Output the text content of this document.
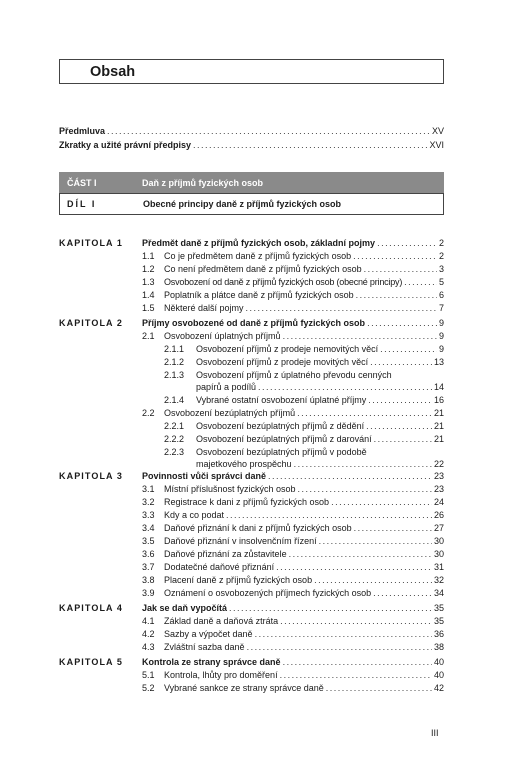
Obsah
Předmluva . . .	XV
Zkratky a užité právní předpisy . . .	XVI
ČÁST I	Daň z příjmů fyzických osob
DÍL I	Obecné principy daně z příjmů fyzických osob
KAPITOLA 1 Předmět daně z příjmů fyzických osob, základní pojmy . . .	2
1.1	Co je předmětem daně z příjmů fyzických osob . . .	2
1.2	Co není předmětem daně z příjmů fyzických osob . . .	3
1.3	Osvobození od daně z příjmů fyzických osob (obecné principy) . . .	5
1.4	Poplatník a plátce daně z příjmů fyzických osob . . .	6
1.5	Některé další pojmy . . .	7
KAPITOLA 2 Příjmy osvobozené od daně z příjmů fyzických osob . . .	9
2.1	Osvobození úplatných příjmů . . .	9
2.1.1	Osvobození příjmů z prodeje nemovitých věcí . . .	9
2.1.2	Osvobození příjmů z prodeje movitých věcí . . .	13
2.1.3	Osvobození příjmů z úplatného převodu cenných
papírů a podílů . . .	14
2.1.4	Vybrané ostatní osvobození úplatné příjmy . . .	16
2.2	Osvobození bezúplatných příjmů . . .	21
2.2.1	Osvobození bezúplatných příjmů z dědění . . .	21
2.2.2	Osvobození bezúplatných příjmů z darování . . .	21
2.2.3	Osvobození bezúplatných příjmů v podobě
majetkového prospěchu . . .	22
KAPITOLA 3 Povinnosti vůči správci daně . . .	23
3.1	Místní příslušnost fyzických osob . . .	23
3.2	Registrace k dani z příjmů fyzických osob . . .	24
3.3	Kdy a co podat . . .	26
3.4	Daňové přiznání k dani z příjmů fyzických osob . . .	27
3.5	Daňové přiznání v insolvenčním řízení . . .	30
3.6	Daňové přiznání za zůstavitele . . .	30
3.7	Dodatečné daňové přiznání . . .	31
3.8	Placení daně z příjmů fyzických osob . . .	32
3.9	Oznámení o osvobozených příjmech fyzických osob . . .	34
KAPITOLA 4 Jak se daň vypočítá . . .	35
4.1	Základ daně a daňová ztráta . . .	35
4.2	Sazby a výpočet daně . . .	36
4.3	Zvláštní sazba daně . . .	38
KAPITOLA 5 Kontrola ze strany správce daně . . .	40
5.1	Kontrola, lhůty pro doměření . . .	40
5.2	Vybrané sankce ze strany správce daně . . .	42
III
